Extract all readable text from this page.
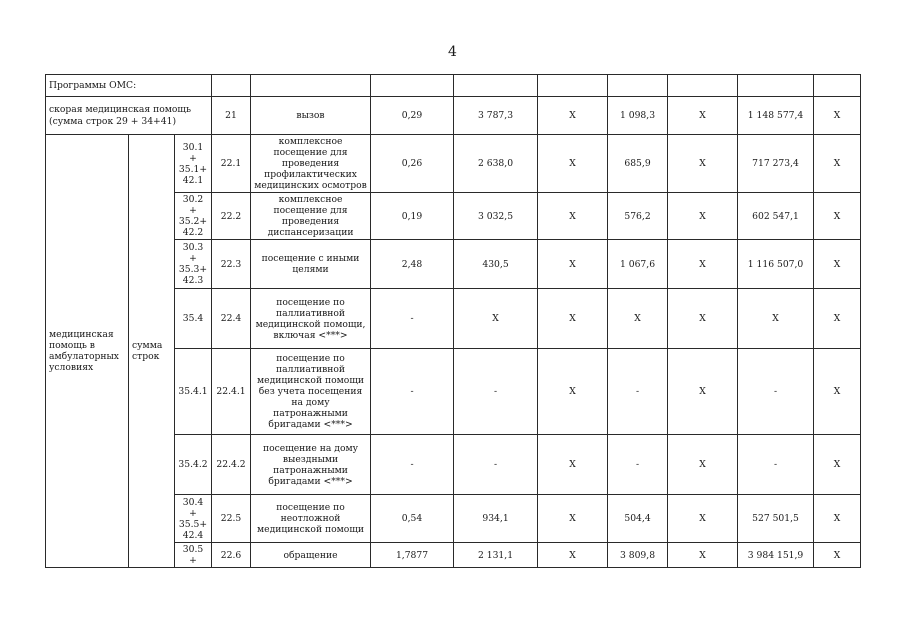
4
Программы ОМС:											
скорая медицинская помощь (сумма строк 29 + 34+41)			21	вызов	0,29	3 787,3	X	1 098,3	X	1 148 577,4	X
медицинская помощь в амбулаторных условиях	сумма строк	30.1 + 35.1+ 42.1	22.1	комплексное посещение для проведения профилактических медицинских осмотров	0,26	2 638,0	X	685,9	X	717 273,4	X
		30.2 + 35.2+ 42.2	22.2	комплексное посещение для проведения диспансеризации	0,19	3 032,5	X	576,2	X	602 547,1	X
		30.3 + 35.3+ 42.3	22.3	посещение с иными целями	2,48	430,5	X	1 067,6	X	1 116 507,0	X
		35.4	22.4	посещение по паллиативной медицинской помощи, включая <***>	-	X	X	X	X	X	X
		35.4.1	22.4.1	посещение по паллиативной медицинской помощи без учета посещения на дому патронажными бригадами <***>	-	-	X	-	X	-	X
		35.4.2	22.4.2	посещение на дому выездными патронажными бригадами <***>	-	-	X	-	X	-	X
		30.4 + 35.5+ 42.4	22.5	посещение по неотложной медицинской помощи	0,54	934,1	X	504,4	X	527 501,5	X
		30.5 +	22.6	обращение	1,7877	2 131,1	X	3 809,8	X	3 984 151,9	X
